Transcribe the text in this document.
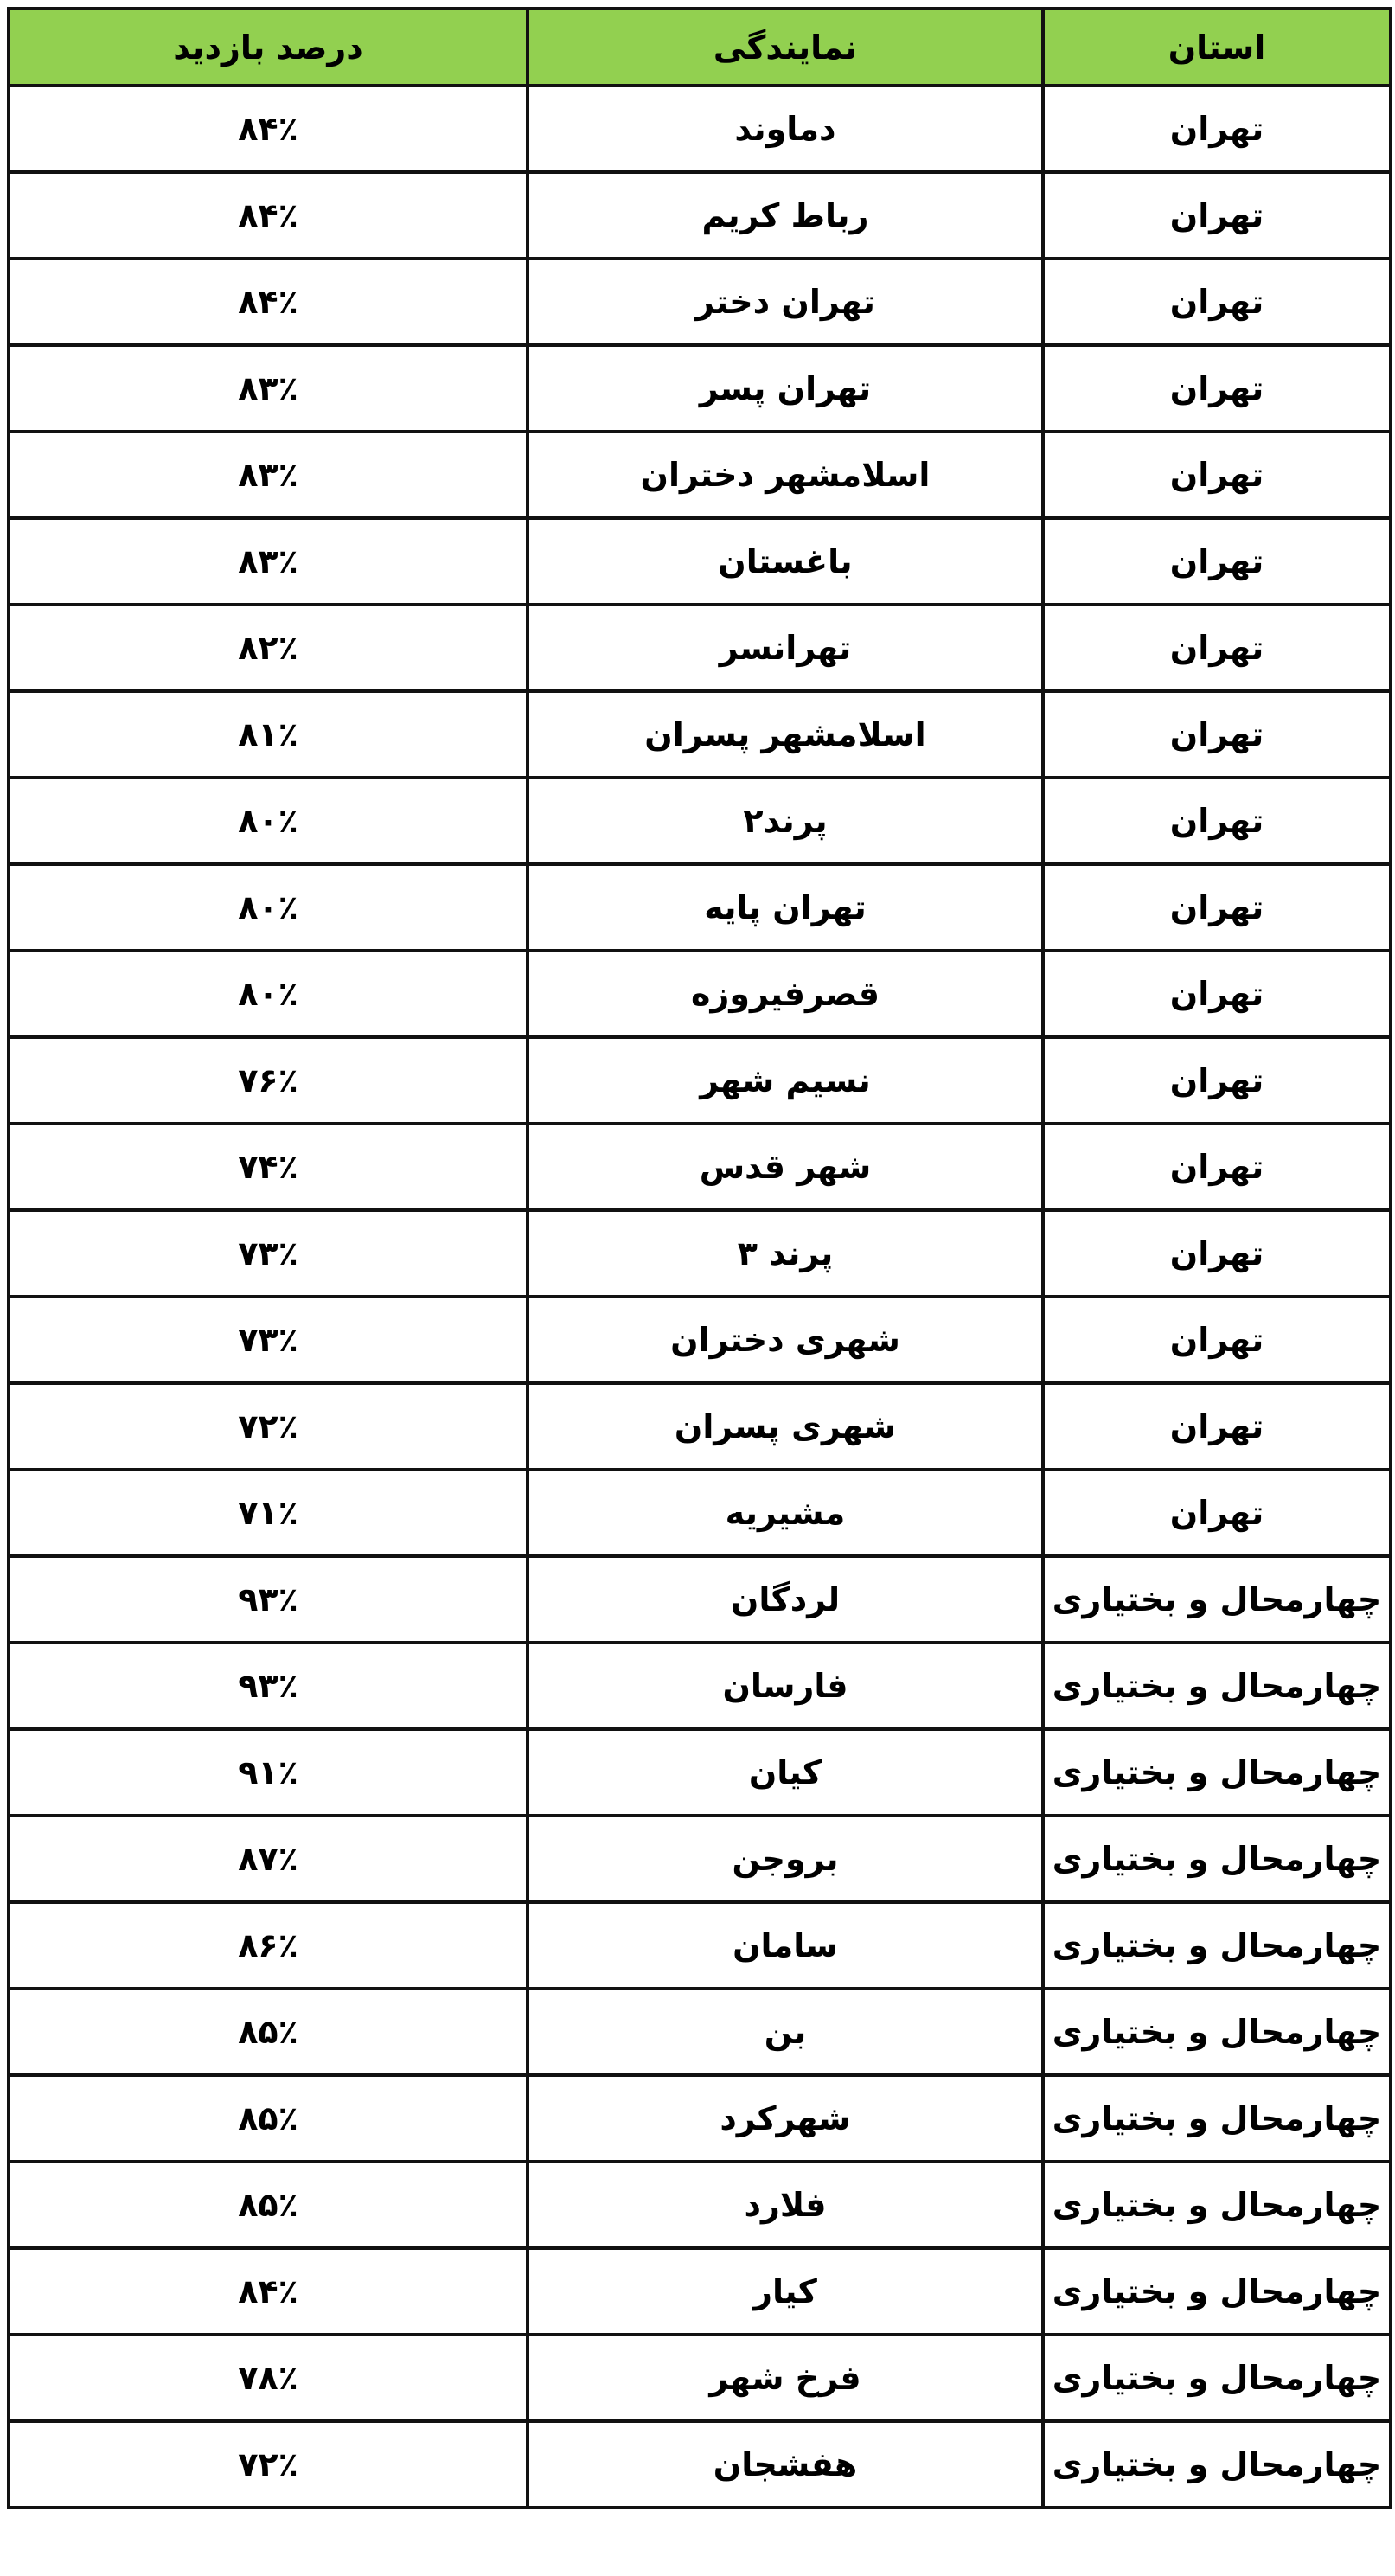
استان	نمایندگی	درصد بازدید
تهران	دماوند	۸۴٪
تهران	رباط کریم	۸۴٪
تهران	تهران دختر	۸۴٪
تهران	تهران پسر	۸۳٪
تهران	اسلامشهر دختران	۸۳٪
تهران	باغستان	۸۳٪
تهران	تهرانسر	۸۲٪
تهران	اسلامشهر پسران	۸۱٪
تهران	پرند۲	۸۰٪
تهران	تهران پایه	۸۰٪
تهران	قصرفیروزه	۸۰٪
تهران	نسیم شهر	۷۶٪
تهران	شهر قدس	۷۴٪
تهران	پرند ۳	۷۳٪
تهران	شهری دختران	۷۳٪
تهران	شهری پسران	۷۲٪
تهران	مشیریه	۷۱٪
چهارمحال و بختیاری	لردگان	۹۳٪
چهارمحال و بختیاری	فارسان	۹۳٪
چهارمحال و بختیاری	کیان	۹۱٪
چهارمحال و بختیاری	بروجن	۸۷٪
چهارمحال و بختیاری	سامان	۸۶٪
چهارمحال و بختیاری	بن	۸۵٪
چهارمحال و بختیاری	شهرکرد	۸۵٪
چهارمحال و بختیاری	فلارد	۸۵٪
چهارمحال و بختیاری	کیار	۸۴٪
چهارمحال و بختیاری	فرخ شهر	۷۸٪
چهارمحال و بختیاری	هفشجان	۷۲٪
